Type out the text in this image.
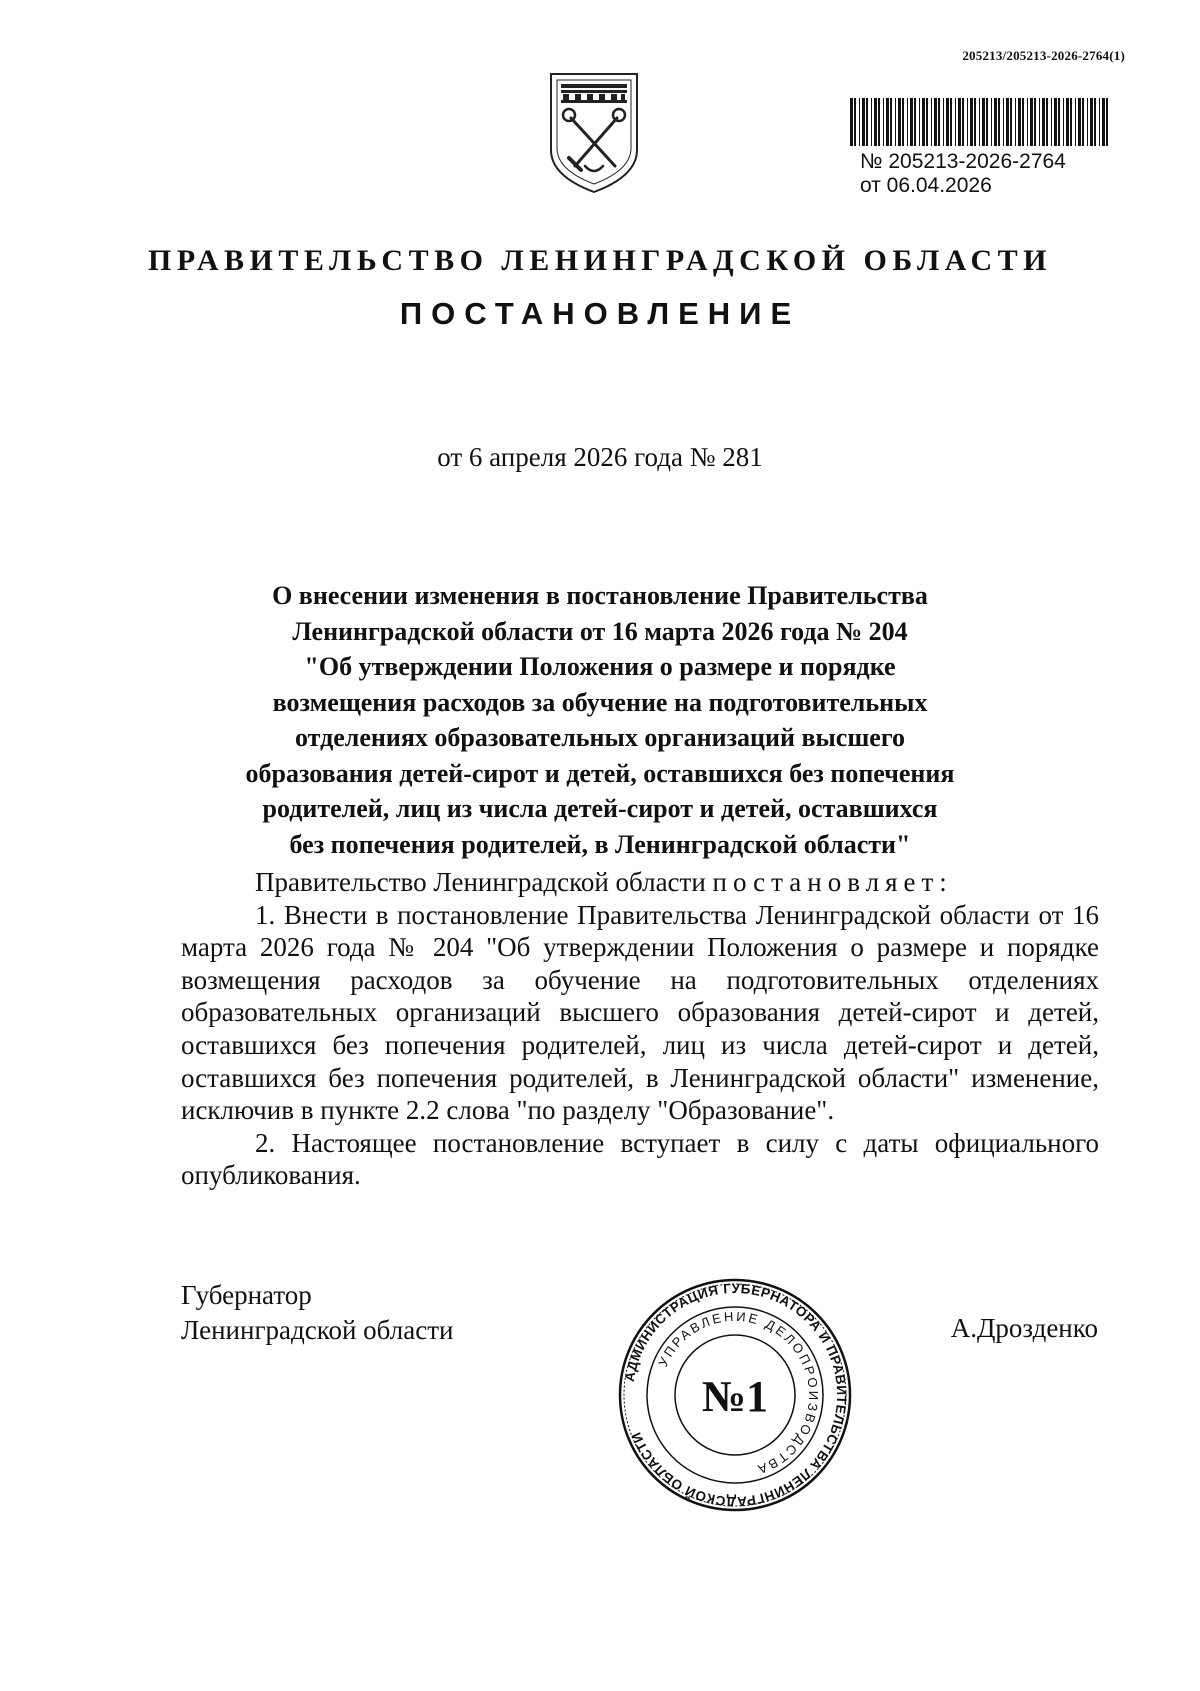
205213/205213-2026-2764(1)
№ 205213-2026-2764
от 06.04.2026
ПРАВИТЕЛЬСТВО ЛЕНИНГРАДСКОЙ ОБЛАСТИ
ПОСТАНОВЛЕНИЕ
от 6 апреля 2026 года № 281
О внесении изменения в постановление Правительства
Ленинградской области от 16 марта 2026 года № 204
"Об утверждении Положения о размере и порядке
возмещения расходов за обучение на подготовительных
отделениях образовательных организаций высшего
образования детей-сирот и детей, оставшихся без попечения
родителей, лиц из числа детей-сирот и детей, оставшихся
без попечения родителей, в Ленинградской области"

Правительство Ленинградской области постановляет:

1. Внести в постановление Правительства Ленинградской области от 16 марта 2026 года № 204 "Об утверждении Положения о размере и порядке возмещения расходов за обучение на подготовительных отделениях образовательных организаций высшего образования детей-сирот и детей, оставшихся без попечения родителей, лиц из числа детей-сирот и детей, оставшихся без попечения родителей, в Ленинградской области" изменение, исключив в пункте 2.2 слова "по разделу "Образование".

2. Настоящее постановление вступает в силу с даты официального опубликования.

Губернатор
Ленинградской области	А.Дрозденко
АДМИНИСТРАЦИЯ ГУБЕРНАТОРА И ПРАВИТЕЛЬСТВА ЛЕНИНГРАДСКОЙ ОБЛАСТИ
УПРАВЛЕНИЕ ДЕЛОПРОИЗВОДСТВА
№1
